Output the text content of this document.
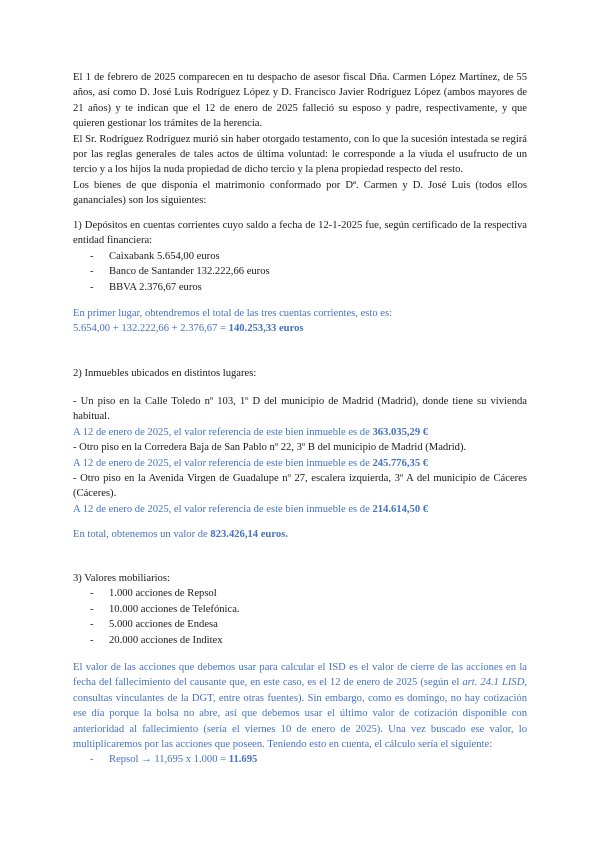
El 1 de febrero de 2025 comparecen en tu despacho de asesor fiscal Dña. Carmen López Martínez, de 55 años, así como D. José Luis Rodríguez López y D. Francisco Javier Rodríguez López (ambos mayores de 21 años) y te indican que el 12 de enero de 2025 falleció su esposo y padre, respectivamente, y que quieren gestionar los trámites de la herencia.

El Sr. Rodríguez Rodríguez murió sin haber otorgado testamento, con lo que la sucesión intestada se regirá por las reglas generales de tales actos de última voluntad: le corresponde a la viuda el usufructo de un tercio y a los hijos la nuda propiedad de dicho tercio y la plena propiedad respecto del resto.

Los bienes de que disponía el matrimonio conformado por Dª. Carmen y D. José Luis (todos ellos gananciales) son los siguientes:

1) Depósitos en cuentas corrientes cuyo saldo a fecha de 12-1-2025 fue, según certificado de la respectiva entidad financiera:

- Caixabank 5.654,00 euros
- Banco de Santander 132.222,66 euros
- BBVA 2.376,67 euros

En primer lugar, obtendremos el total de las tres cuentas corrientes, esto es:

5.654,00 + 132.222,66 + 2.376,67 = 140.253,33 euros

2) Inmuebles ubicados en distintos lugares:

- Un piso en la Calle Toledo nº 103, 1º D del municipio de Madrid (Madrid), donde tiene su vivienda habitual.

A 12 de enero de 2025, el valor referencia de este bien inmueble es de 363.035,29 €

- Otro piso en la Corredera Baja de San Pablo nº 22, 3º B del municipio de Madrid (Madrid).

A 12 de enero de 2025, el valor referencia de este bien inmueble es de 245.776,35 €

- Otro piso en la Avenida Virgen de Guadalupe nº 27, escalera izquierda, 3º A del municipio de Cáceres (Cáceres).

A 12 de enero de 2025, el valor referencia de este bien inmueble es de 214.614,50 €

En total, obtenemos un valor de 823.426,14 euros.

3) Valores mobiliarios:

- 1.000 acciones de Repsol
- 10.000 acciones de Telefónica.
- 5.000 acciones de Endesa
- 20.000 acciones de Inditex

El valor de las acciones que debemos usar para calcular el ISD es el valor de cierre de las acciones en la fecha del fallecimiento del causante que, en este caso, es el 12 de enero de 2025 (según el art. 24.1 LISD, consultas vinculantes de la DGT, entre otras fuentes). Sin embargo, como es domingo, no hay cotización ese día porque la bolsa no abre, así que debemos usar el último valor de cotización disponible con anterioridad al fallecimiento (sería el viernes 10 de enero de 2025). Una vez buscado ese valor, lo multiplicaremos por las acciones que poseen. Teniendo esto en cuenta, el cálculo sería el siguiente:

- Repsol → 11,695 x 1.000 = 11.695
